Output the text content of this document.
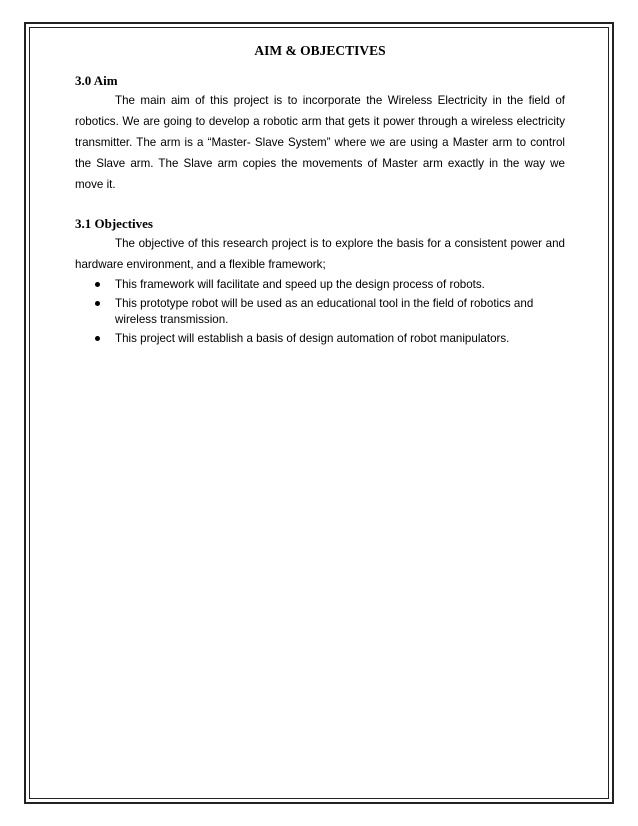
AIM & OBJECTIVES
3.0 Aim

The main aim of this project is to incorporate the Wireless Electricity in the field of robotics. We are going to develop a robotic arm that gets it power through a wireless electricity transmitter. The arm is a “Master- Slave System” where we are using a Master arm to control the Slave arm. The Slave arm copies the movements of Master arm exactly in the way we move it.

3.1 Objectives

The objective of this research project is to explore the basis for a consistent power and hardware environment, and a flexible framework;

This framework will facilitate and speed up the design process of robots.
This prototype robot will be used as an educational tool in the field of robotics and wireless transmission.
This project will establish a basis of design automation of robot manipulators.
